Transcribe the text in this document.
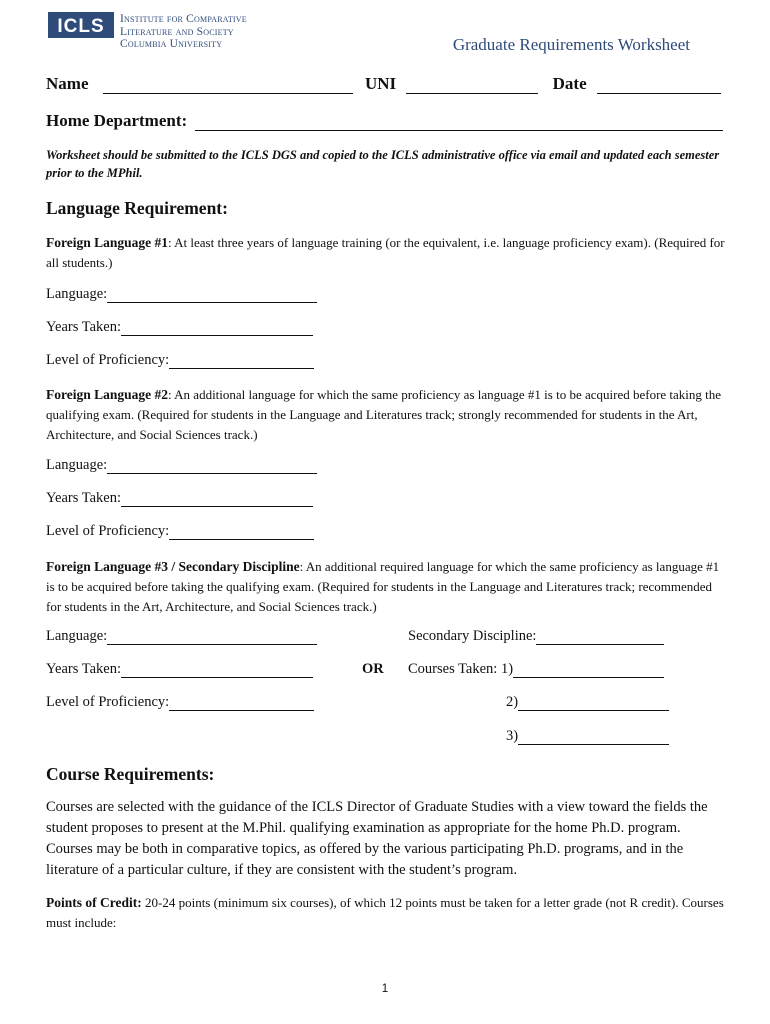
ICLS Institute for Comparative
Literature and Society
Columbia University	Graduate Requirements Worksheet
Name	UNI	Date
Home Department:
Worksheet should be submitted to the ICLS DGS and copied to the ICLS administrative office via email and updated each semester prior to the MPhil.
Language Requirement:
Foreign Language #1: At least three years of language training (or the equivalent, i.e. language proficiency exam). (Required for all students.)
Language:
Years Taken:
Level of Proficiency:
Foreign Language #2: An additional language for which the same proficiency as language #1 is to be acquired before taking the qualifying exam. (Required for students in the Language and Literatures track; strongly recommended for students in the Art, Architecture, and Social Sciences track.)
Language:
Years Taken:
Level of Proficiency:
Foreign Language #3 / Secondary Discipline: An additional required language for which the same proficiency as language #1 is to be acquired before taking the qualifying exam. (Required for students in the Language and Literatures track; recommended for students in the Art, Architecture, and Social Sciences track.)
Language:
Years Taken:
Level of Proficiency:
OR
Secondary Discipline:
Courses Taken: 1)
2)
3)
Course Requirements:
Courses are selected with the guidance of the ICLS Director of Graduate Studies with a view toward the fields the student proposes to present at the M.Phil. qualifying examination as appropriate for the home Ph.D. program. Courses may be both in comparative topics, as offered by the various participating Ph.D. programs, and in the literature of a particular culture, if they are consistent with the student’s program.
Points of Credit: 20-24 points (minimum six courses), of which 12 points must be taken for a letter grade (not R credit). Courses must include:
1
